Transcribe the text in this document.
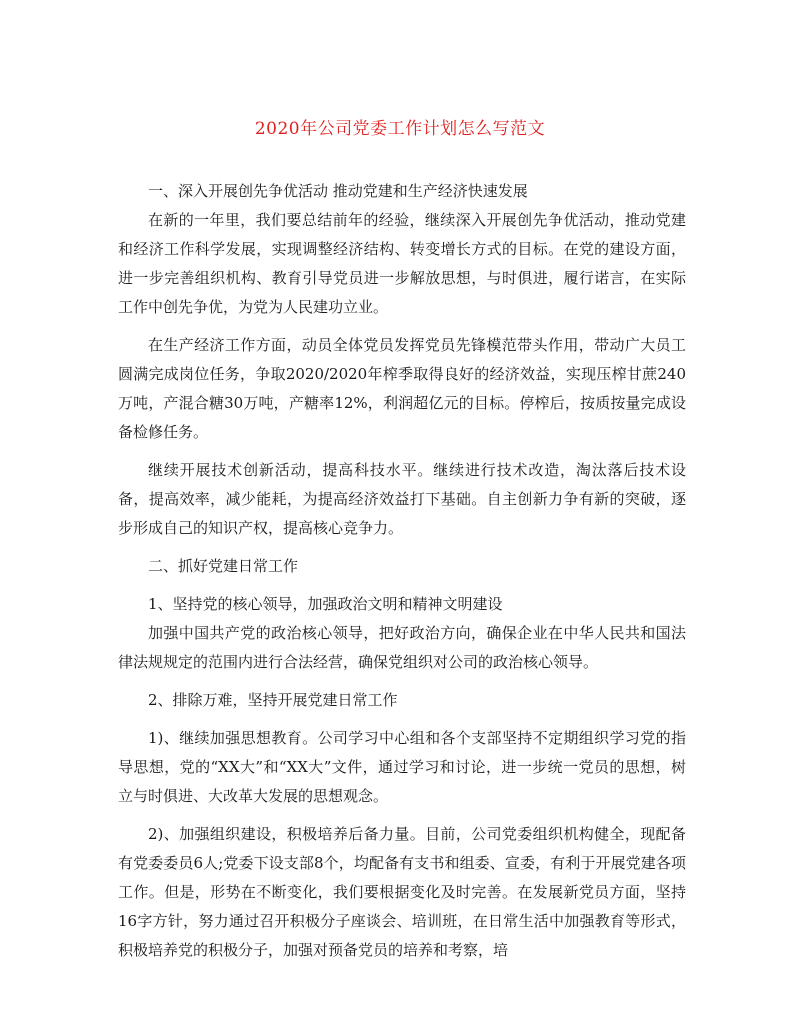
2020年公司党委工作计划怎么写范文

一、深入开展创先争优活动 推动党建和生产经济快速发展

在新的一年里，我们要总结前年的经验，继续深入开展创先争优活动，推动党建和经济工作科学发展，实现调整经济结构、转变增长方式的目标。在党的建设方面，进一步完善组织机构、教育引导党员进一步解放思想，与时俱进，履行诺言，在实际工作中创先争优，为党为人民建功立业。

在生产经济工作方面，动员全体党员发挥党员先锋模范带头作用，带动广大员工圆满完成岗位任务，争取2020/2020年榨季取得良好的经济效益，实现压榨甘蔗240万吨，产混合糖30万吨，产糖率12%，利润超亿元的目标。停榨后，按质按量完成设备检修任务。

继续开展技术创新活动，提高科技水平。继续进行技术改造，淘汰落后技术设备，提高效率，减少能耗，为提高经济效益打下基础。自主创新力争有新的突破，逐步形成自己的知识产权，提高核心竞争力。

二、抓好党建日常工作

1、坚持党的核心领导，加强政治文明和精神文明建设

加强中国共产党的政治核心领导，把好政治方向，确保企业在中华人民共和国法律法规规定的范围内进行合法经营，确保党组织对公司的政治核心领导。

2、排除万难，坚持开展党建日常工作

1)、继续加强思想教育。公司学习中心组和各个支部坚持不定期组织学习党的指导思想，党的“XX大”和“XX大”文件，通过学习和讨论，进一步统一党员的思想，树立与时俱进、大改革大发展的思想观念。

2)、加强组织建设，积极培养后备力量。目前，公司党委组织机构健全，现配备有党委委员6人;党委下设支部8个，均配备有支书和组委、宣委，有利于开展党建各项工作。但是，形势在不断变化，我们要根据变化及时完善。在发展新党员方面，坚持16字方针，努力通过召开积极分子座谈会、培训班，在日常生活中加强教育等形式，积极培养党的积极分子，加强对预备党员的培养和考察，培
